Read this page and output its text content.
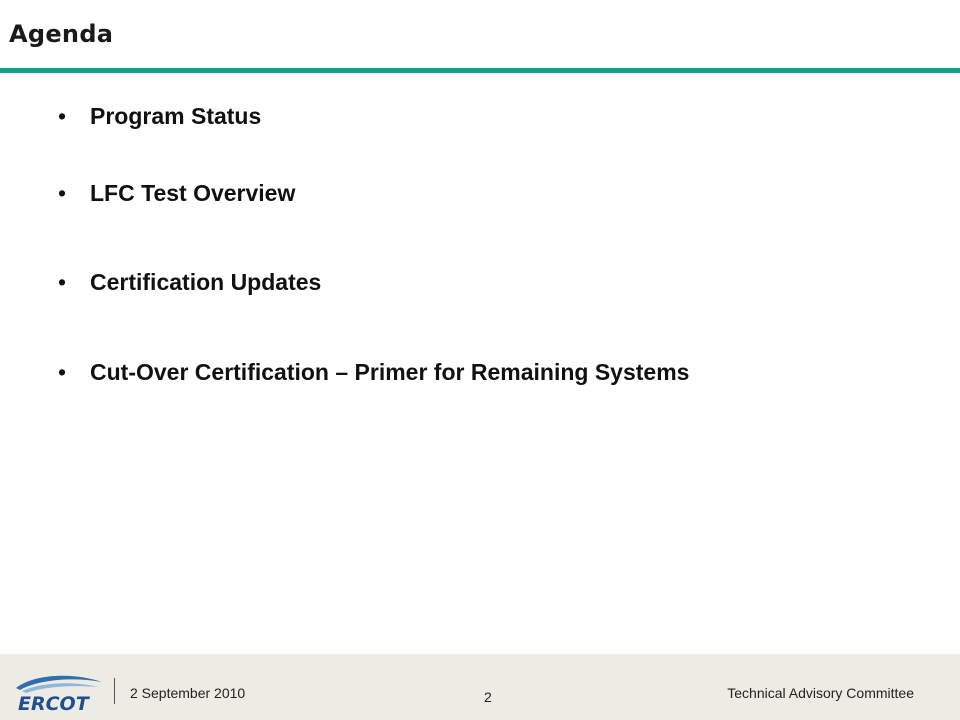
Agenda
• Program Status
• LFC Test Overview
• Certification Updates
• Cut-Over Certification – Primer for Remaining Systems
ERCOT	2 September 2010	2	Technical Advisory Committee
